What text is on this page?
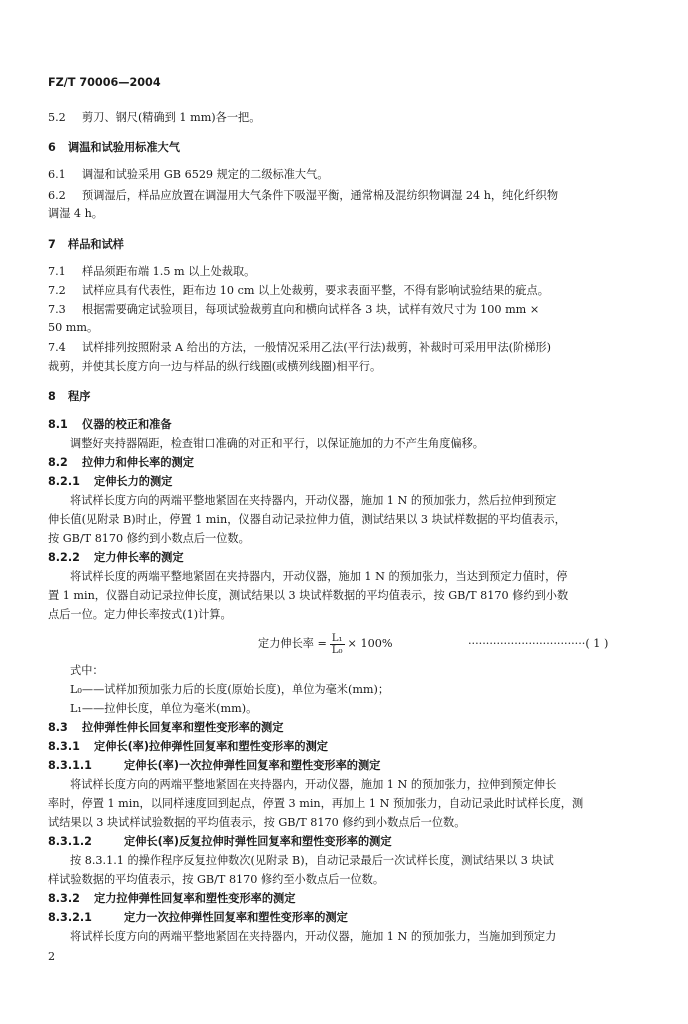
FZ/T 70006—2004
5.2 剪刀、钢尺(精确到 1 mm)各一把。
6 调温和试验用标准大气
6.1 调湿和试验采用 GB 6529 规定的二级标准大气。
6.2 预调湿后，样品应放置在调湿用大气条件下吸湿平衡，通常棉及混纺织物调湿 24 h，纯化纤织物
调湿 4 h。
7 样品和试样
7.1 样品须距布端 1.5 m 以上处裁取。
7.2 试样应具有代表性，距布边 10 cm 以上处裁剪，要求表面平整，不得有影响试验结果的疵点。
7.3 根据需要确定试验项目，每项试验裁剪直向和横向试样各 3 块，试样有效尺寸为 100 mm ×
50 mm。
7.4 试样排列按照附录 A 给出的方法，一般情况采用乙法(平行法)裁剪，补裁时可采用甲法(阶梯形)
裁剪，并使其长度方向一边与样品的纵行线圈(或横列线圈)相平行。
8 程序
8.1 仪器的校正和准备
调整好夹持器隔距，检查钳口准确的对正和平行，以保证施加的力不产生角度偏移。
8.2 拉伸力和伸长率的测定
8.2.1 定伸长力的测定
将试样长度方向的两端平整地紧固在夹持器内，开动仪器，施加 1 N 的预加张力，然后拉伸到预定
伸长值(见附录 B)时止，停置 1 min，仪器自动记录拉伸力值，测试结果以 3 块试样数据的平均值表示，
按 GB/T 8170 修约到小数点后一位数。
8.2.2 定力伸长率的测定
将试样长度的两端平整地紧固在夹持器内，开动仪器，施加 1 N 的预加张力，当达到预定力值时，停
置 1 min，仪器自动记录拉伸长度，测试结果以 3 块试样数据的平均值表示，按 GB/T 8170 修约到小数
点后一位。定力伸长率按式(1)计算。
定力伸长率 = $\frac{\text{L₁}}{\text{L₀}} \times 100\%$	·································( 1 )
式中：
L₀——试样加预加张力后的长度(原始长度)，单位为毫米(mm)；
L₁——拉伸长度，单位为毫米(mm)。
8.3 拉伸弹性伸长回复率和塑性变形率的测定
8.3.1 定伸长(率)拉伸弹性回复率和塑性变形率的测定
8.3.1.1	定伸长(率)一次拉伸弹性回复率和塑性变形率的测定
将试样长度方向的两端平整地紧固在夹持器内，开动仪器，施加 1 N 的预加张力，拉伸到预定伸长
率时，停置 1 min，以同样速度回到起点，停置 3 min，再加上 1 N 预加张力，自动记录此时试样长度，测
试结果以 3 块试样试验数据的平均值表示，按 GB/T 8170 修约到小数点后一位数。
8.3.1.2	定伸长(率)反复拉伸时弹性回复率和塑性变形率的测定
按 8.3.1.1 的操作程序反复拉伸数次(见附录 B)，自动记录最后一次试样长度，测试结果以 3 块试
样试验数据的平均值表示，按 GB/T 8170 修约至小数点后一位数。
8.3.2 定力拉伸弹性回复率和塑性变形率的测定
8.3.2.1	定力一次拉伸弹性回复率和塑性变形率的测定
将试样长度方向的两端平整地紧固在夹持器内，开动仪器，施加 1 N 的预加张力，当施加到预定力
2
